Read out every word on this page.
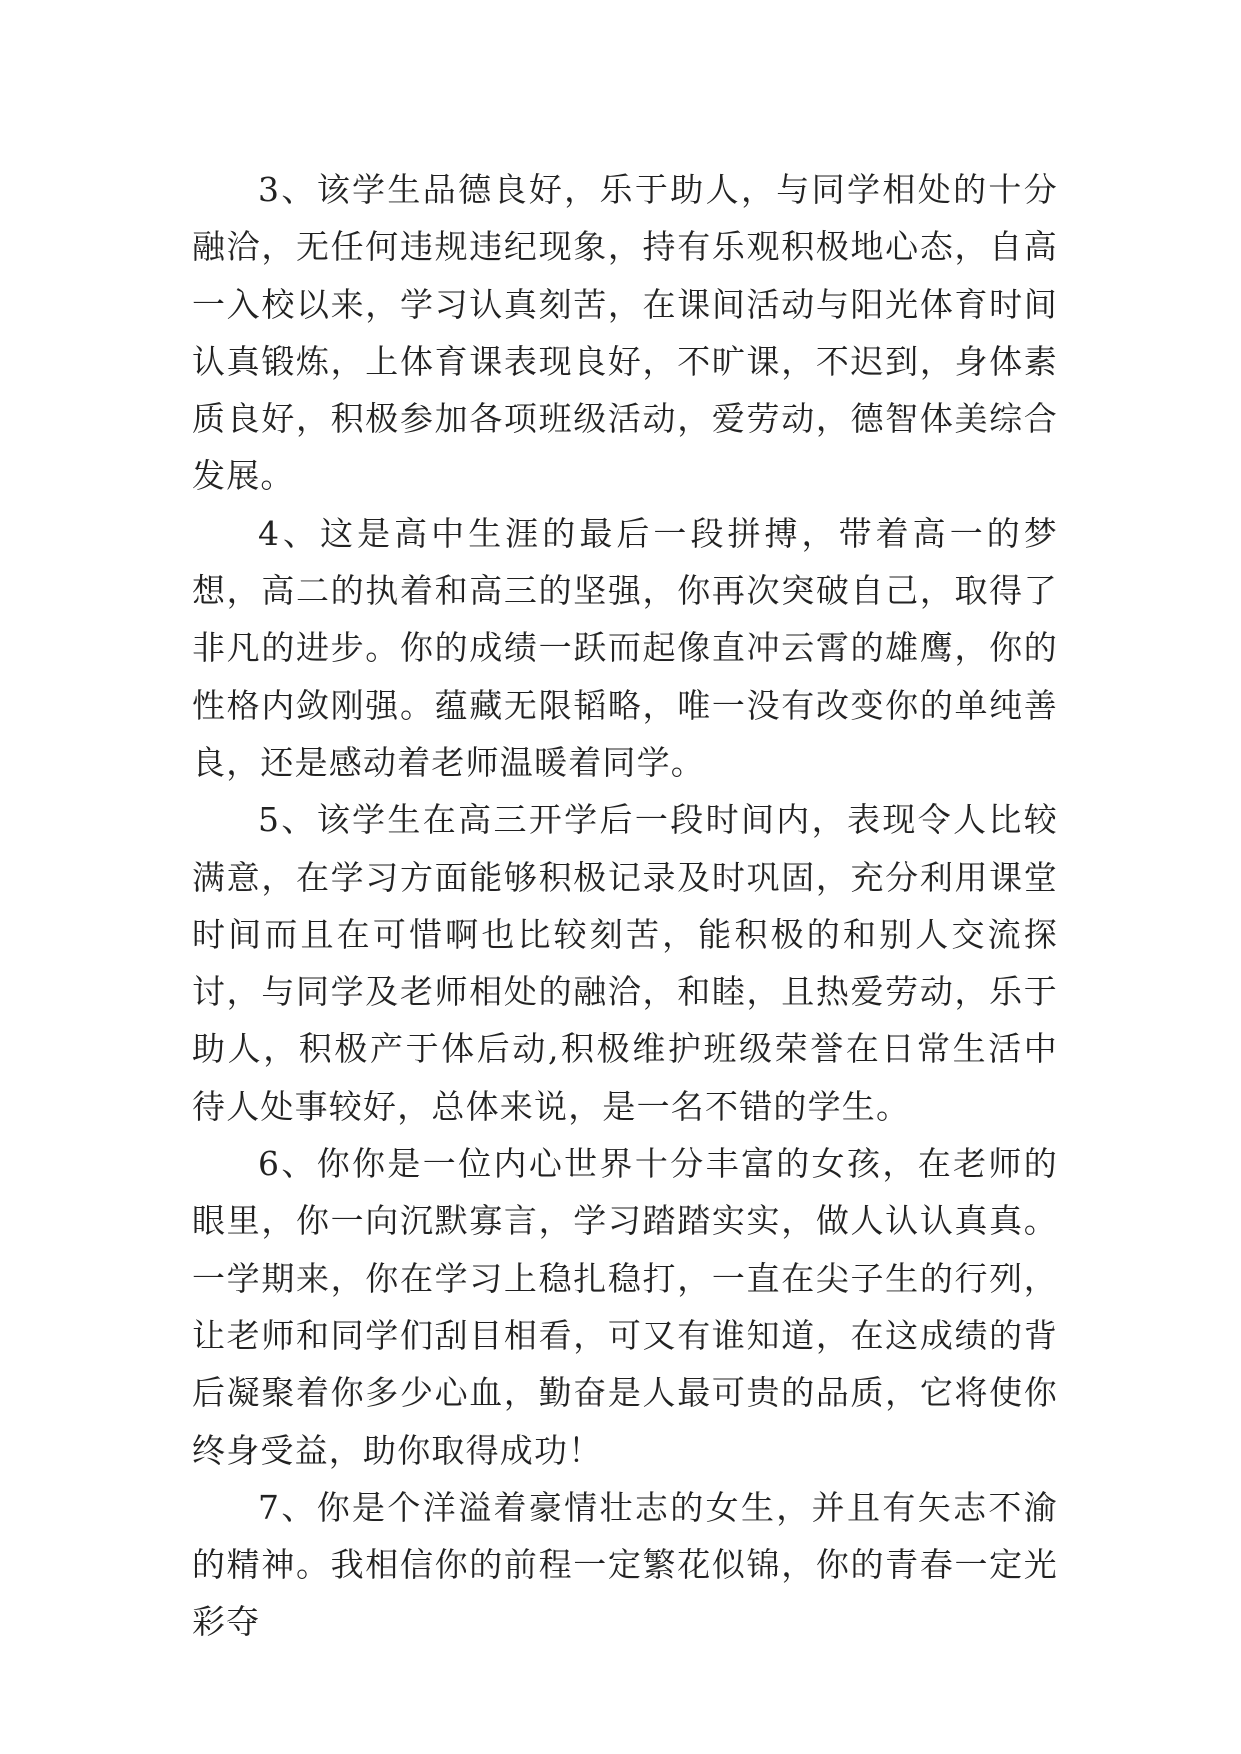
3、该学生品德良好，乐于助人，与同学相处的十分融洽，无任何违规违纪现象，持有乐观积极地心态，自高一入校以来，学习认真刻苦，在课间活动与阳光体育时间认真锻炼，上体育课表现良好，不旷课，不迟到，身体素质良好，积极参加各项班级活动，爱劳动，德智体美综合发展。

4、这是高中生涯的最后一段拼搏，带着高一的梦想，高二的执着和高三的坚强，你再次突破自己，取得了非凡的进步。你的成绩一跃而起像直冲云霄的雄鹰，你的性格内敛刚强。蕴藏无限韬略，唯一没有改变你的单纯善良，还是感动着老师温暖着同学。

5、该学生在高三开学后一段时间内，表现令人比较满意，在学习方面能够积极记录及时巩固，充分利用课堂时间而且在可惜啊也比较刻苦，能积极的和别人交流探讨，与同学及老师相处的融洽，和睦，且热爱劳动，乐于助人，积极产于体后动,积极维护班级荣誉在日常生活中待人处事较好，总体来说，是一名不错的学生。

6、你你是一位内心世界十分丰富的女孩，在老师的眼里，你一向沉默寡言，学习踏踏实实，做人认认真真。一学期来，你在学习上稳扎稳打，一直在尖子生的行列，让老师和同学们刮目相看，可又有谁知道，在这成绩的背后凝聚着你多少心血，勤奋是人最可贵的品质，它将使你终身受益，助你取得成功！

7、你是个洋溢着豪情壮志的女生，并且有矢志不渝的精神。我相信你的前程一定繁花似锦，你的青春一定光彩夺
